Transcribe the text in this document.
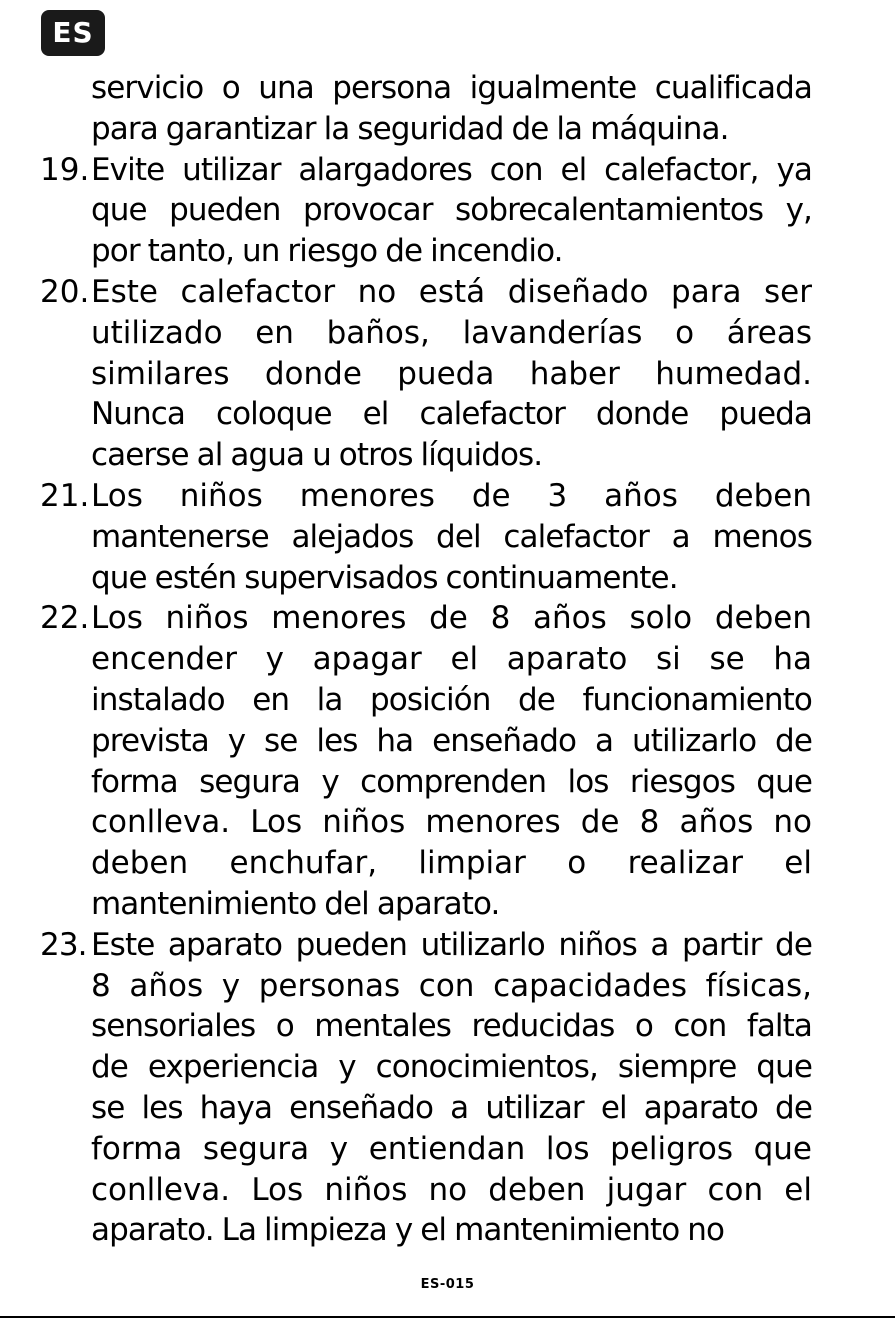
ES
servicio o una persona igualmente cualificada
para garantizar la seguridad de la máquina.
19. Evite utilizar alargadores con el calefactor, ya
que pueden provocar sobrecalentamientos y,
por tanto, un riesgo de incendio.
20. Este calefactor no está diseñado para ser
utilizado en baños, lavanderías o áreas
similares donde pueda haber humedad.
Nunca coloque el calefactor donde pueda
caerse al agua u otros líquidos.
21. Los niños menores de 3 años deben
mantenerse alejados del calefactor a menos
que estén supervisados continuamente.
22. Los niños menores de 8 años solo deben
encender y apagar el aparato si se ha
instalado en la posición de funcionamiento
prevista y se les ha enseñado a utilizarlo de
forma segura y comprenden los riesgos que
conlleva. Los niños menores de 8 años no
deben enchufar, limpiar o realizar el
mantenimiento del aparato.
23. Este aparato pueden utilizarlo niños a partir de
8 años y personas con capacidades físicas,
sensoriales o mentales reducidas o con falta
de experiencia y conocimientos, siempre que
se les haya enseñado a utilizar el aparato de
forma segura y entiendan los peligros que
conlleva. Los niños no deben jugar con el
aparato. La limpieza y el mantenimiento no
ES-015
